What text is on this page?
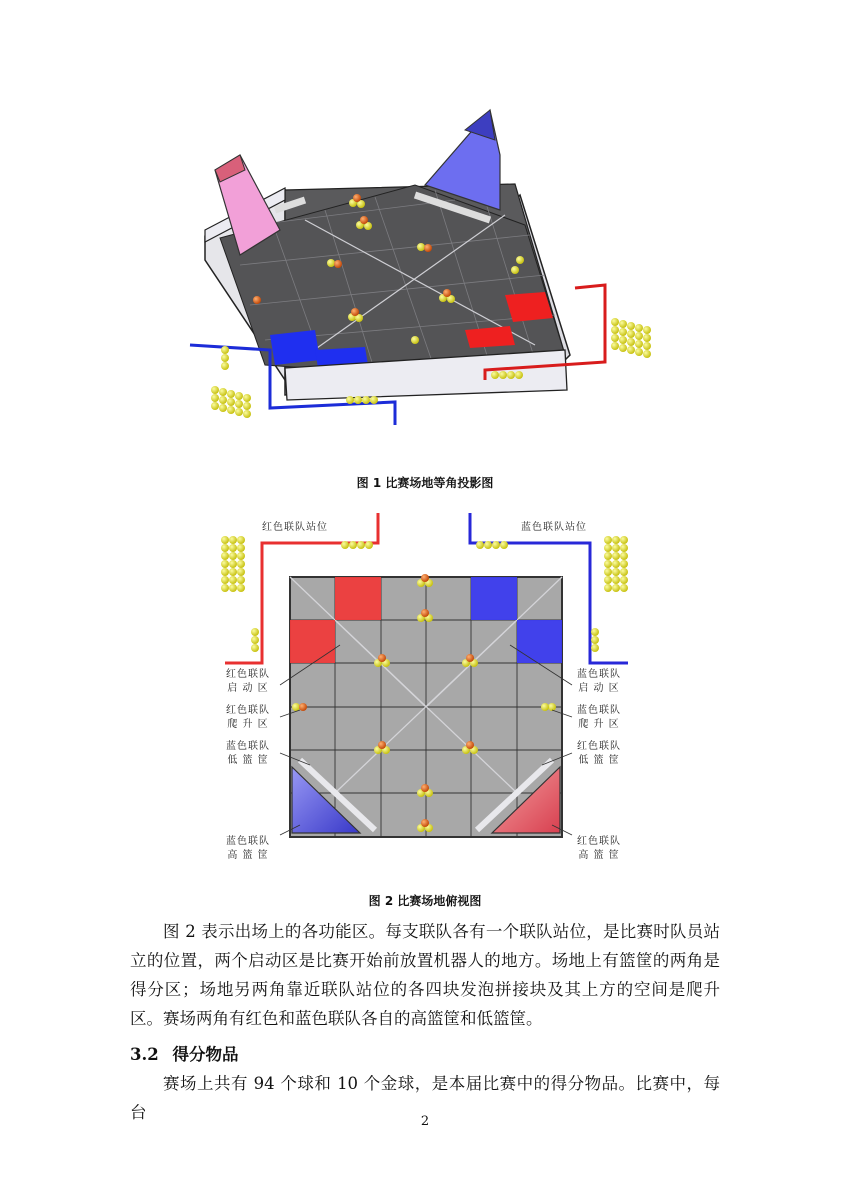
图 1 比赛场地等角投影图
红色联队站位	蓝色联队站位
红色联队
启 动 区
蓝色联队
启 动 区
红色联队
爬 升 区
蓝色联队
爬 升 区
蓝色联队
低 篮 筐
红色联队
低 篮 筐
蓝色联队
高 篮 筐
红色联队
高 篮 筐
图 2 比赛场地俯视图

图 2 表示出场上的各功能区。每支联队各有一个联队站位，是比赛时队员站立的位置，两个启动区是比赛开始前放置机器人的地方。场地上有篮筐的两角是得分区；场地另两角靠近联队站位的各四块发泡拼接块及其上方的空间是爬升区。赛场两角有红色和蓝色联队各自的高篮筐和低篮筐。

3.2 得分物品

赛场上共有 94 个球和 10 个金球，是本届比赛中的得分物品。比赛中，每台	2
